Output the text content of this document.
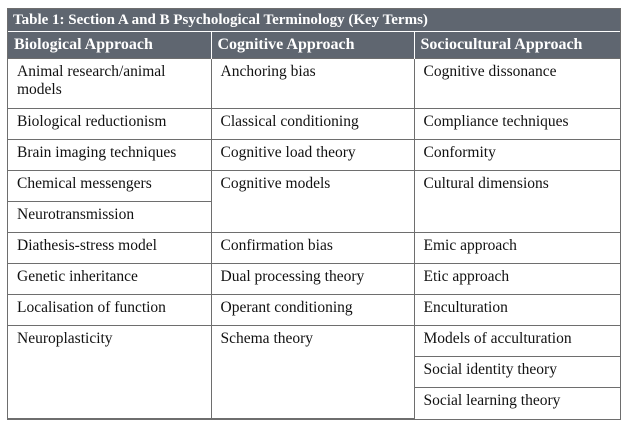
Table 1: Section A and B Psychological Terminology (Key Terms)
Biological Approach	Cognitive Approach	Sociocultural Approach
Animal research/animal models	Anchoring bias	Cognitive dissonance
Biological reductionism	Classical conditioning	Compliance techniques
Brain imaging techniques	Cognitive load theory	Conformity
Chemical messengers	Cognitive models	Cultural dimensions
Neurotransmission		
Diathesis-stress model	Confirmation bias	Emic approach
Genetic inheritance	Dual processing theory	Etic approach
Localisation of function	Operant conditioning	Enculturation
Neuroplasticity	Schema theory	Models of acculturation
		Social identity theory
		Social learning theory
